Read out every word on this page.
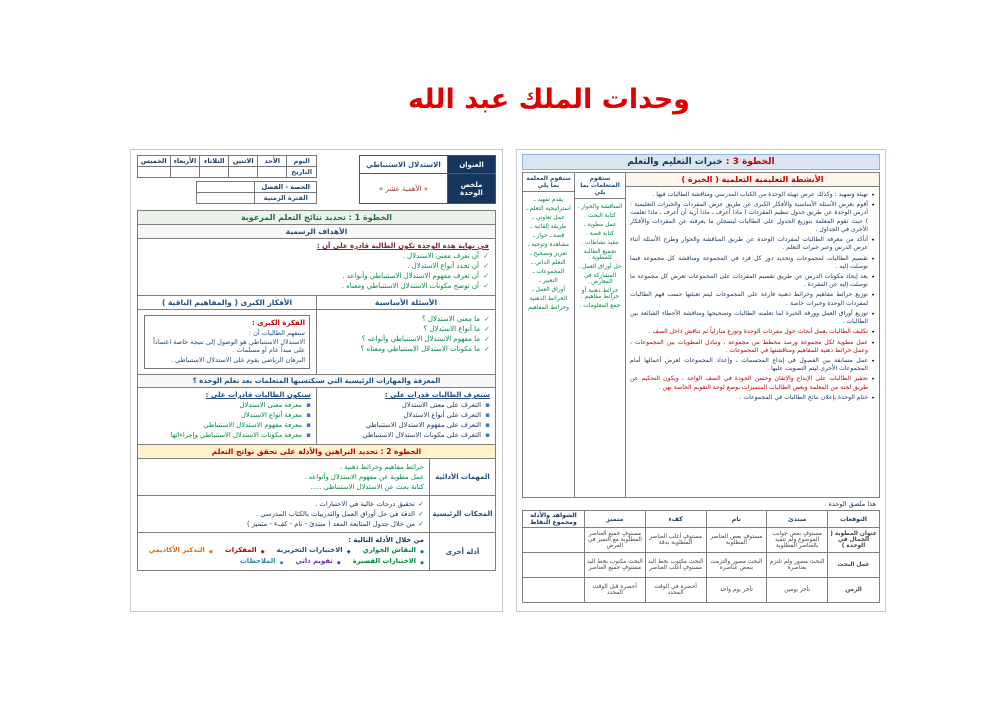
وحدات الملك عبد الله
العنوان	الاستدلال الاستنباطي
ملخص الوحدة	« الأهمية عشر »
اليوم	الأحد	الاثنين	الثلاثاء	الأربعاء	الخميس
التاريخ					
الحصة - الفصل	
الفترة الزمنية	
الخطوة 1 : تحديد نتائج التعلم المرغوبة
الأهداف الرسمية
في نهاية هذه الوحدة تكون الطالبة قادرة على أن :
✓
أن تعرف معنى الاستدلال .
✓
أن تحدد أنواع الاستدلال .
✓
أن تعرف مفهوم الاستدلال الاستنباطي وأنواعه .
✓
أن توضح مكونات الاستدلال الاستنباطي ومعناه .
الأسئلة الأساسية
الأفكار الكبرى ( والمفاهيم الباقية )
✓
ما معنى الاستدلال ؟
✓
ما أنواع الاستدلال ؟
✓
ما مفهوم الاستدلال الاستنباطي وأنواعه ؟
✓
ما مكونات الاستدلال الاستنباطي ومعناه ؟
الفكرة الكبرى :
ستفهم الطالبات أن :
الاستدلال الاستنباطي هو الوصول إلى نتيجة خاصة اعتماداً على مبدأ عام أو مسلمات .
البرهان الرياضي يقوم على الاستدلال الاستنباطي .
المعرفة والمهارات الرئيسية التي ستكتسبها المتعلمات بعد تعلم الوحدة ؟
ستعرف الطالبات قدرات على :
▪
التعرف على معنى الاستدلال
▪
التعرف على أنواع الاستدلال
▪
التعرف على مفهوم الاستدلال الاستنباطي
▪
التعرف على مكونات الاستدلال الاستنباطي
ستكون الطالبات قادرات على :
▪
معرفة معنى الاستدلال
▪
معرفة أنواع الاستدلال
▪
معرفة مفهوم الاستدلال الاستنباطي
▪
معرفة مكونات الاستدلال الاستنباطي وإجراءاتها
الخطوة 2 : تحديد البراهين والأدلة على تحقق نواتج التعلم
المهمات الأدائية
خرائط مفاهيم وخرائط ذهنية .
عمل مطوية عن مفهوم الاستدلال وأنواعه .
كتابة بحث عن الاستدلال الاستنباطي .....
المحكات الرئيسية
✓
تحقيق درجات عالية في الاختبارات .
✓
الدقة في حل أوراق العمل والتدريبات بالكتاب المدرسي .
✓
من خلال جدول المتابعة المعد ( مبتدئ - نام - كفء - متميز )
أدلة أخرى
من خلال الأدلة التالية :
◆
النقاش الحواري
◆
الاختبارات التحريرية
◆
المفكرات
◆
التذكير الأكاديمي
◆
الاختبارات القصيرة
◆
تقويم ذاتي
◆
الملاحظات
الخطوة 3 : خبرات التعليم والتعلم
الأنشطة التعليمية التعلمية ( الخبرة )
•
تهيئة وتمهيد : وكذلك عرض تهيئة الوحدة من الكتاب المدرسي ومناقشة الطالبات فيها .
•
أقوم بعرض الأسئلة الأساسية والأفكار الكبرى عن طريق عرض المفردات والخبرات التعليمية : أدرس الوحدة عن طريق جدول تنظيم المفردات ( ماذا أعرف ـ ماذا أريد أن أعرف ـ ماذا تعلمت ) حيث تقوم المعلمة بتوزيع الجدول على الطالبات ليسجلن ما يعرفنه عن المفردات والأفكار الأخرى في الجداول .
•
أتأكد من معرفة الطالبات لمفردات الوحدة عن طريق المناقشة والحوار وطرح الأسئلة أثناء عرض الدرس وعبر خبرات التعلم .
•
تقسيم الطالبات لمجموعات وتحديد دور كل فرد في المجموعة ومناقشة كل مجموعة فيما توصلت إليه .
•
بعد إيجاد مكونات الدرس عن طريق تقسيم المفردات على المجموعات تعرض كل مجموعة ما توصلت إليه عن المفردة .
•
توزيع خرائط مفاهيم وخرائط ذهنية فارغة على المجموعات ليتم تعبئتها حسب فهم الطالبات لمفردات الوحدة وخبرات خاصة .
•
توزيع أوراق العمل وورقة الخبرة لما تعلمته الطالبات وتصحيحها ومناقشة الأخطاء الشائعة بين الطالبات .
•
تكليف الطالبات بعمل أبحاث حول مفردات الوحدة وتوزع منازلياً ثم تناقش داخل الصف .
•
عمل مطوية لكل مجموعة ورصد مخطط من مجموعة ، وتبادل المطويات بين المجموعات ، وعمل خرائط ذهنية للمفاهيم ومناقشتها في المجموعات .
•
عمل مسابقة بين الفصول في إبداع المجسمات ، وإعداد المجموعات لعرض أعمالها أمام المجموعات الأخرى ليتم التصويت عليها .
•
تحفيز الطالبات على الإبداع والإتقان وحسن الجودة في الصف الواحد ، ويكون التحكيم عن طريق لجنة من المعلمة وبعض الطالبات المتميزات بوضع لوحة التقويم الخاصة بهن .
•
ختام الوحدة بإعلان نتائج الطالبات في المجموعات .
ستقوم المتعلمات بما يلي
المناقشة والحوار .
كتابة البحث .
عمل مطوية .
كتابة قصة .
تنفيذ نشاطات .
تجميع الطالبة للمطوية .
حل أوراق العمل .
المشاركة في المعارض .
خرائط ذهنية أو خرائط مفاهيم .
جمع المعلومات .
ستقوم المعلمة بما يلي
يقدم تمهيد ـ
استراتيجية التعلم ـ
عمل تعاوني ـ
طريقة إلقائية ـ
قصة ـ حوار ـ
مشاهدة وتوجيه ـ
تعزيز وتصحيح ـ
التعلم الذاتي ـ
المجموعات ـ
التعبير ـ
أوراق العمل ـ
الخرائط الذهنية
وخرائط المفاهيم
هذا ملصق الوحدة .
التوقعات	مبتدئ	نام	كفء	متميز	الشواهد والأدلة ومجموع النقاط
عنوان المطوية ( الجمال في الوحدة )	مستوفٍ بعض جوانب الموضوع ولم تتقيد بالعناصر المطلوبة	مستوفٍ بعض العناصر المطلوبة	مستوفٍ أغلب العناصر المطلوبة بدقة	مستوفٍ جميع العناصر المطلوبة مع التميز في العرض	
عمل البحث	البحث مصور ولم تلتزم بعناصره	البحث مصور والتزمت ببعض عناصره	البحث مكتوب بخط اليد مستوفٍ أغلب العناصر	البحث مكتوب بخط اليد مستوفٍ جميع العناصر	
الزمن	تأخر يومين	تأخر يوم واحد	أحضره في الوقت المحدد	أحضره قبل الوقت المحدد	
